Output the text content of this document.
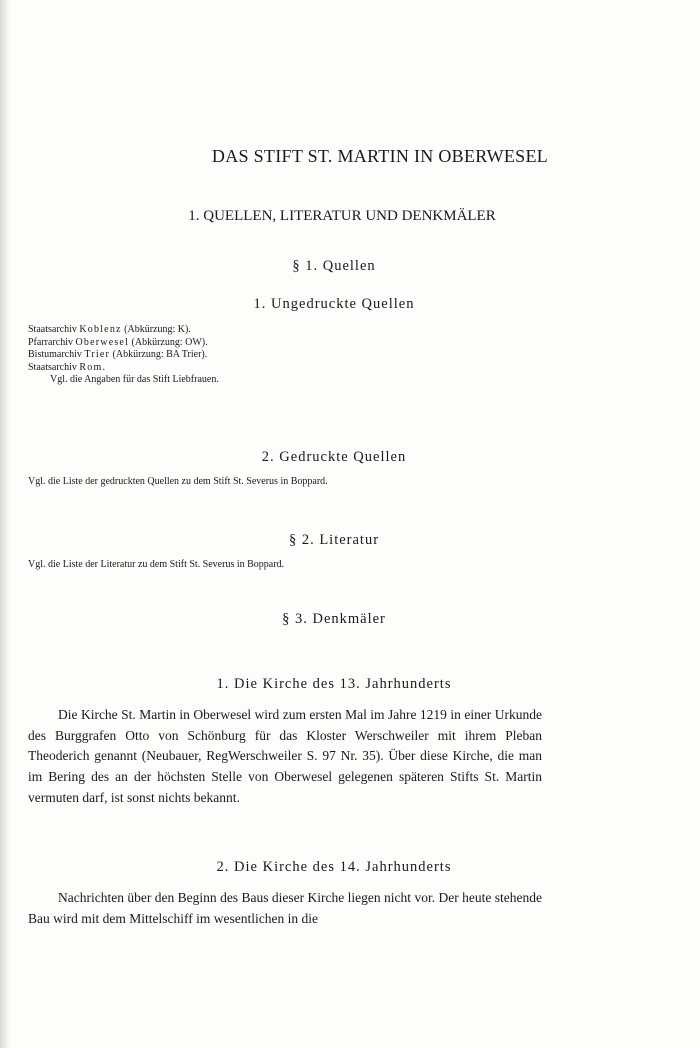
DAS STIFT ST. MARTIN IN OBERWESEL
1. QUELLEN, LITERATUR UND DENKMÄLER
§ 1. Quellen
1. Ungedruckte Quellen
Staatsarchiv Koblenz (Abkürzung: K).
Pfarrarchiv Oberwesel (Abkürzung: OW).
Bistumarchiv Trier (Abkürzung: BA Trier).
Staatsarchiv Rom.
Vgl. die Angaben für das Stift Liebfrauen.
2. Gedruckte Quellen
Vgl. die Liste der gedruckten Quellen zu dem Stift St. Severus in Boppard.
§ 2. Literatur
Vgl. die Liste der Literatur zu dem Stift St. Severus in Boppard.
§ 3. Denkmäler
1. Die Kirche des 13. Jahrhunderts
Die Kirche St. Martin in Oberwesel wird zum ersten Mal im Jahre 1219 in einer Urkunde des Burggrafen Otto von Schönburg für das Kloster Werschweiler mit ihrem Pleban Theoderich genannt (Neubauer, RegWerschweiler S. 97 Nr. 35). Über diese Kirche, die man im Bering des an der höchsten Stelle von Oberwesel gelegenen späteren Stifts St. Martin vermuten darf, ist sonst nichts bekannt.
2. Die Kirche des 14. Jahrhunderts
Nachrichten über den Beginn des Baus dieser Kirche liegen nicht vor. Der heute stehende Bau wird mit dem Mittelschiff im wesentlichen in die
